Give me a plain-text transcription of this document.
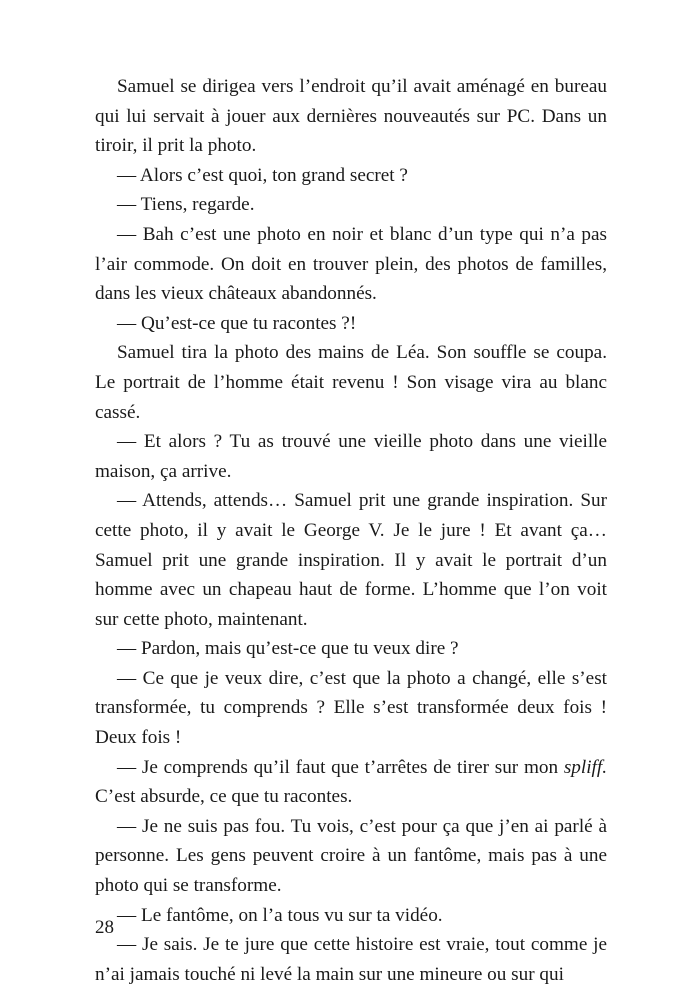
Samuel se dirigea vers l’endroit qu’il avait aménagé en bureau qui lui servait à jouer aux dernières nouveautés sur PC. Dans un tiroir, il prit la photo.

— Alors c’est quoi, ton grand secret ?

— Tiens, regarde.

— Bah c’est une photo en noir et blanc d’un type qui n’a pas l’air commode. On doit en trouver plein, des photos de familles, dans les vieux châteaux abandonnés.

— Qu’est-ce que tu racontes ?!

Samuel tira la photo des mains de Léa. Son souffle se coupa. Le portrait de l’homme était revenu ! Son visage vira au blanc cassé.

— Et alors ? Tu as trouvé une vieille photo dans une vieille maison, ça arrive.

— Attends, attends… Samuel prit une grande inspiration. Sur cette photo, il y avait le George V. Je le jure ! Et avant ça… Samuel prit une grande inspiration. Il y avait le portrait d’un homme avec un chapeau haut de forme. L’homme que l’on voit sur cette photo, maintenant.

— Pardon, mais qu’est-ce que tu veux dire ?

— Ce que je veux dire, c’est que la photo a changé, elle s’est transformée, tu comprends ? Elle s’est transformée deux fois ! Deux fois !

— Je comprends qu’il faut que t’arrêtes de tirer sur mon spliff. C’est absurde, ce que tu racontes.

— Je ne suis pas fou. Tu vois, c’est pour ça que j’en ai parlé à personne. Les gens peuvent croire à un fantôme, mais pas à une photo qui se transforme.

— Le fantôme, on l’a tous vu sur ta vidéo.

— Je sais. Je te jure que cette histoire est vraie, tout comme je n’ai jamais touché ni levé la main sur une mineure ou sur qui

28
